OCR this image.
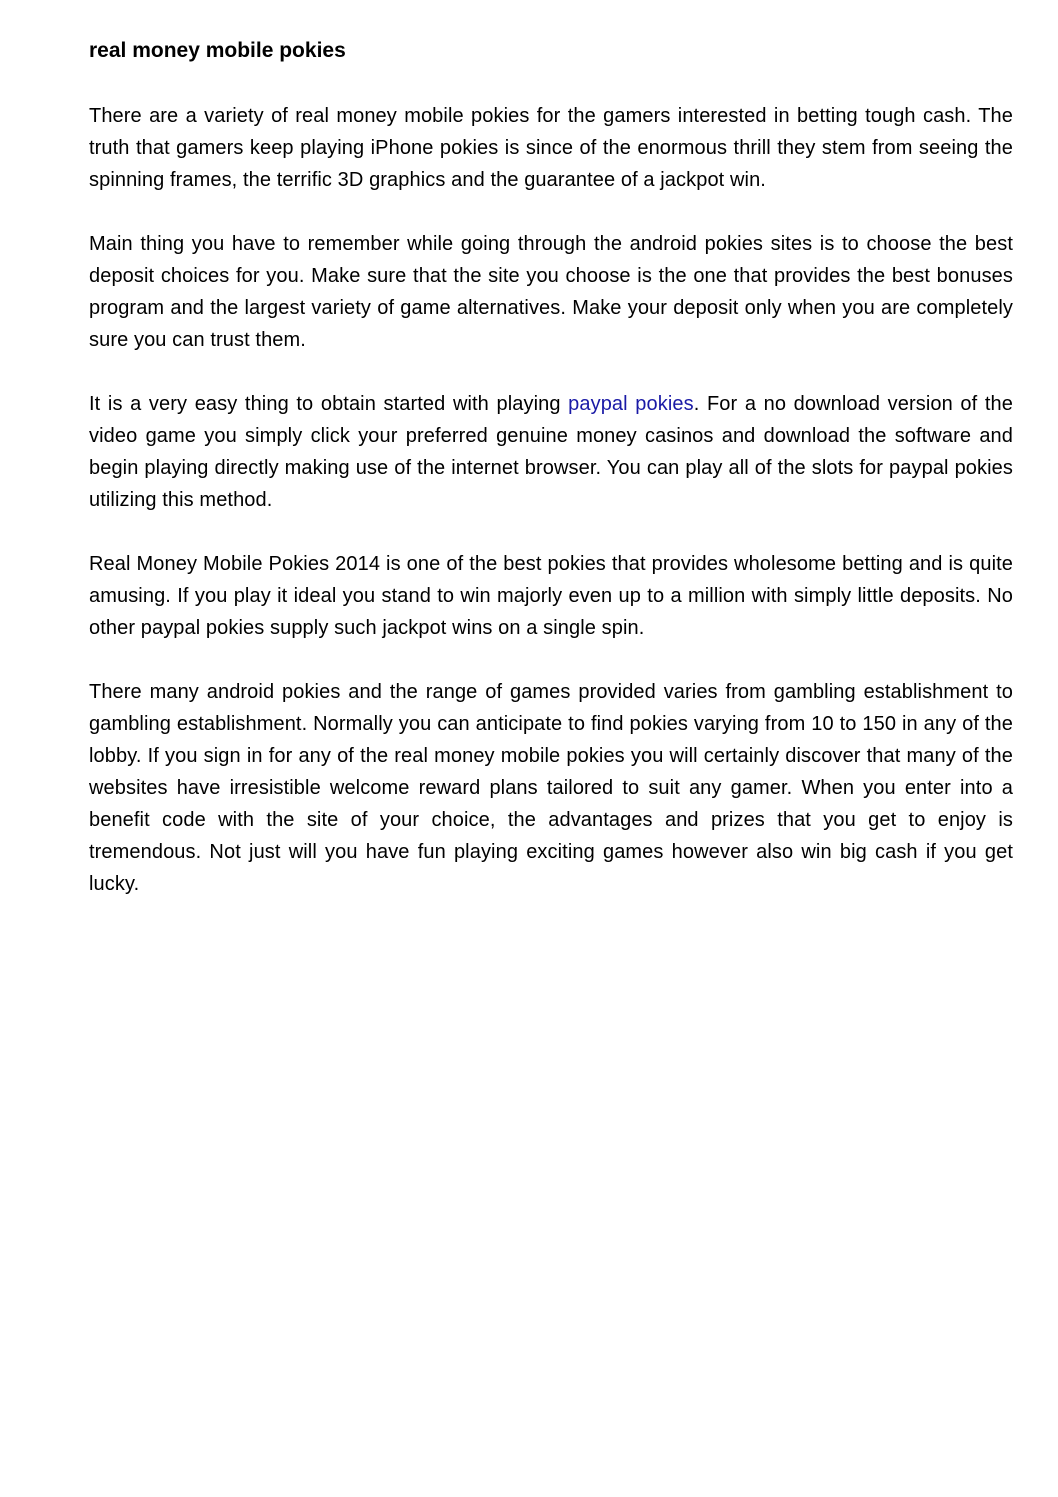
real money mobile pokies

There are a variety of real money mobile pokies for the gamers interested in betting tough cash. The truth that gamers keep playing iPhone pokies is since of the enormous thrill they stem from seeing the spinning frames, the terrific 3D graphics and the guarantee of a jackpot win.

Main thing you have to remember while going through the android pokies sites is to choose the best deposit choices for you. Make sure that the site you choose is the one that provides the best bonuses program and the largest variety of game alternatives. Make your deposit only when you are completely sure you can trust them.

It is a very easy thing to obtain started with playing paypal pokies. For a no download version of the video game you simply click your preferred genuine money casinos and download the software and begin playing directly making use of the internet browser. You can play all of the slots for paypal pokies utilizing this method.

Real Money Mobile Pokies 2014 is one of the best pokies that provides wholesome betting and is quite amusing. If you play it ideal you stand to win majorly even up to a million with simply little deposits. No other paypal pokies supply such jackpot wins on a single spin.

There many android pokies and the range of games provided varies from gambling establishment to gambling establishment. Normally you can anticipate to find pokies varying from 10 to 150 in any of the lobby. If you sign in for any of the real money mobile pokies you will certainly discover that many of the websites have irresistible welcome reward plans tailored to suit any gamer. When you enter into a benefit code with the site of your choice, the advantages and prizes that you get to enjoy is tremendous. Not just will you have fun playing exciting games however also win big cash if you get lucky.
